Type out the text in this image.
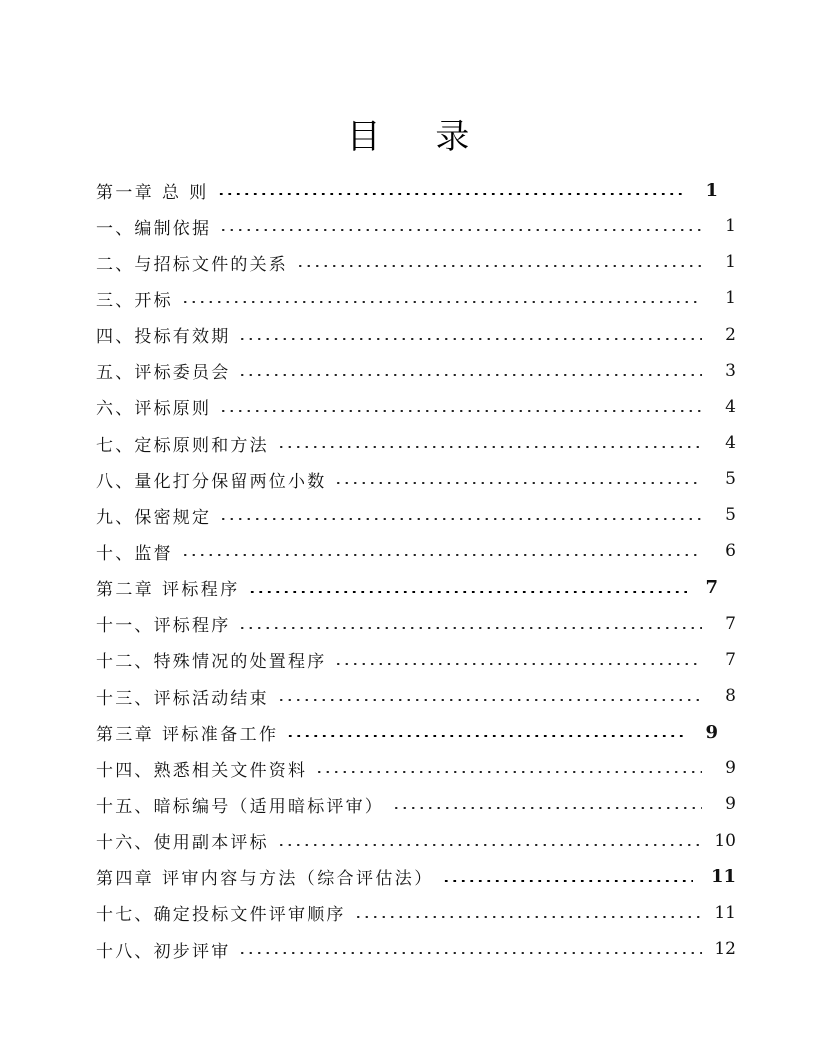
目 录
第一章 总 则	1
一、编制依据	1
二、与招标文件的关系	1
三、开标	1
四、投标有效期	2
五、评标委员会	3
六、评标原则	4
七、定标原则和方法	4
八、量化打分保留两位小数	5
九、保密规定	5
十、监督	6
第二章 评标程序	7
十一、评标程序	7
十二、特殊情况的处置程序	7
十三、评标活动结束	8
第三章 评标准备工作	9
十四、熟悉相关文件资料	9
十五、暗标编号（适用暗标评审）	9
十六、使用副本评标	10
第四章 评审内容与方法（综合评估法）	11
十七、确定投标文件评审顺序	11
十八、初步评审	12
